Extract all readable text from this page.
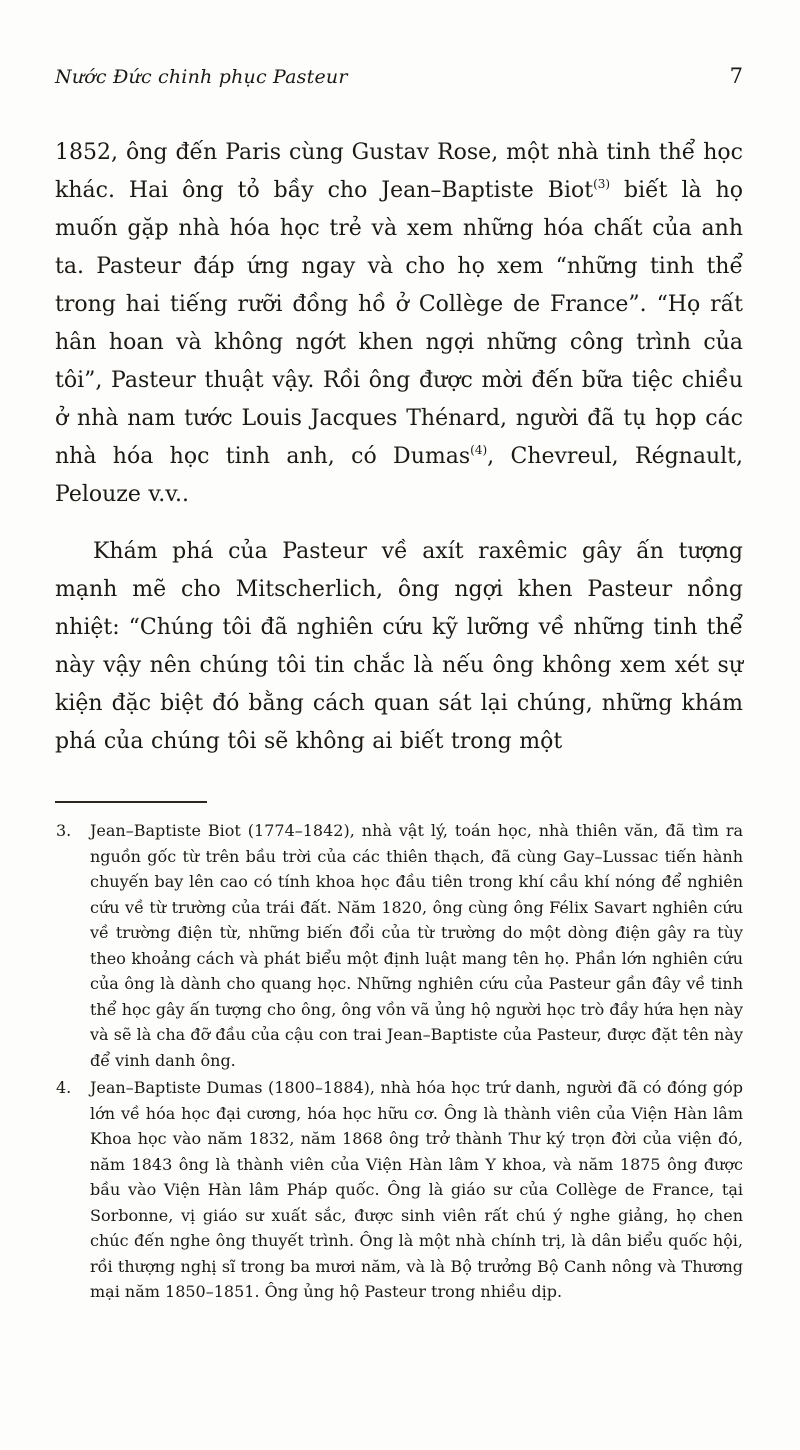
Nước Đức chinh phục Pasteur	7

1852, ông đến Paris cùng Gustav Rose, một nhà tinh thể học khác. Hai ông tỏ bầy cho Jean–Baptiste Biot$^{(3)}$ biết là họ muốn gặp nhà hóa học trẻ và xem những hóa chất của anh ta. Pasteur đáp ứng ngay và cho họ xem “những tinh thể trong hai tiếng rưỡi đồng hồ ở Collège de France”. “Họ rất hân hoan và không ngớt khen ngợi những công trình của tôi”, Pasteur thuật vậy. Rồi ông được mời đến bữa tiệc chiều ở nhà nam tước Louis Jacques Thénard, người đã tụ họp các nhà hóa học tinh anh, có Dumas$^{(4)}$, Chevreul, Régnault, Pelouze v.v..

Khám phá của Pasteur về axít raxêmic gây ấn tượng mạnh mẽ cho Mitscherlich, ông ngợi khen Pasteur nồng nhiệt: “Chúng tôi đã nghiên cứu kỹ lưỡng về những tinh thể này vậy nên chúng tôi tin chắc là nếu ông không xem xét sự kiện đặc biệt đó bằng cách quan sát lại chúng, những khám phá của chúng tôi sẽ không ai biết trong một

3. Jean–Baptiste Biot (1774–1842), nhà vật lý, toán học, nhà thiên văn, đã tìm ra nguồn gốc từ trên bầu trời của các thiên thạch, đã cùng Gay–Lussac tiến hành chuyến bay lên cao có tính khoa học đầu tiên trong khí cầu khí nóng để nghiên cứu về từ trường của trái đất. Năm 1820, ông cùng ông Félix Savart nghiên cứu về trường điện từ, những biến đổi của từ trường do một dòng điện gây ra tùy theo khoảng cách và phát biểu một định luật mang tên họ. Phần lớn nghiên cứu của ông là dành cho quang học. Những nghiên cứu của Pasteur gần đây về tinh thể học gây ấn tượng cho ông, ông vồn vã ủng hộ người học trò đầy hứa hẹn này và sẽ là cha đỡ đầu của cậu con trai Jean–Baptiste của Pasteur, được đặt tên này để vinh danh ông.
4. Jean–Baptiste Dumas (1800–1884), nhà hóa học trứ danh, người đã có đóng góp lớn về hóa học đại cương, hóa học hữu cơ. Ông là thành viên của Viện Hàn lâm Khoa học vào năm 1832, năm 1868 ông trở thành Thư ký trọn đời của viện đó, năm 1843 ông là thành viên của Viện Hàn lâm Y khoa, và năm 1875 ông được bầu vào Viện Hàn lâm Pháp quốc. Ông là giáo sư của Collège de France, tại Sorbonne, vị giáo sư xuất sắc, được sinh viên rất chú ý nghe giảng, họ chen chúc đến nghe ông thuyết trình. Ông là một nhà chính trị, là dân biểu quốc hội, rồi thượng nghị sĩ trong ba mươi năm, và là Bộ trưởng Bộ Canh nông và Thương mại năm 1850–1851. Ông ủng hộ Pasteur trong nhiều dịp.
